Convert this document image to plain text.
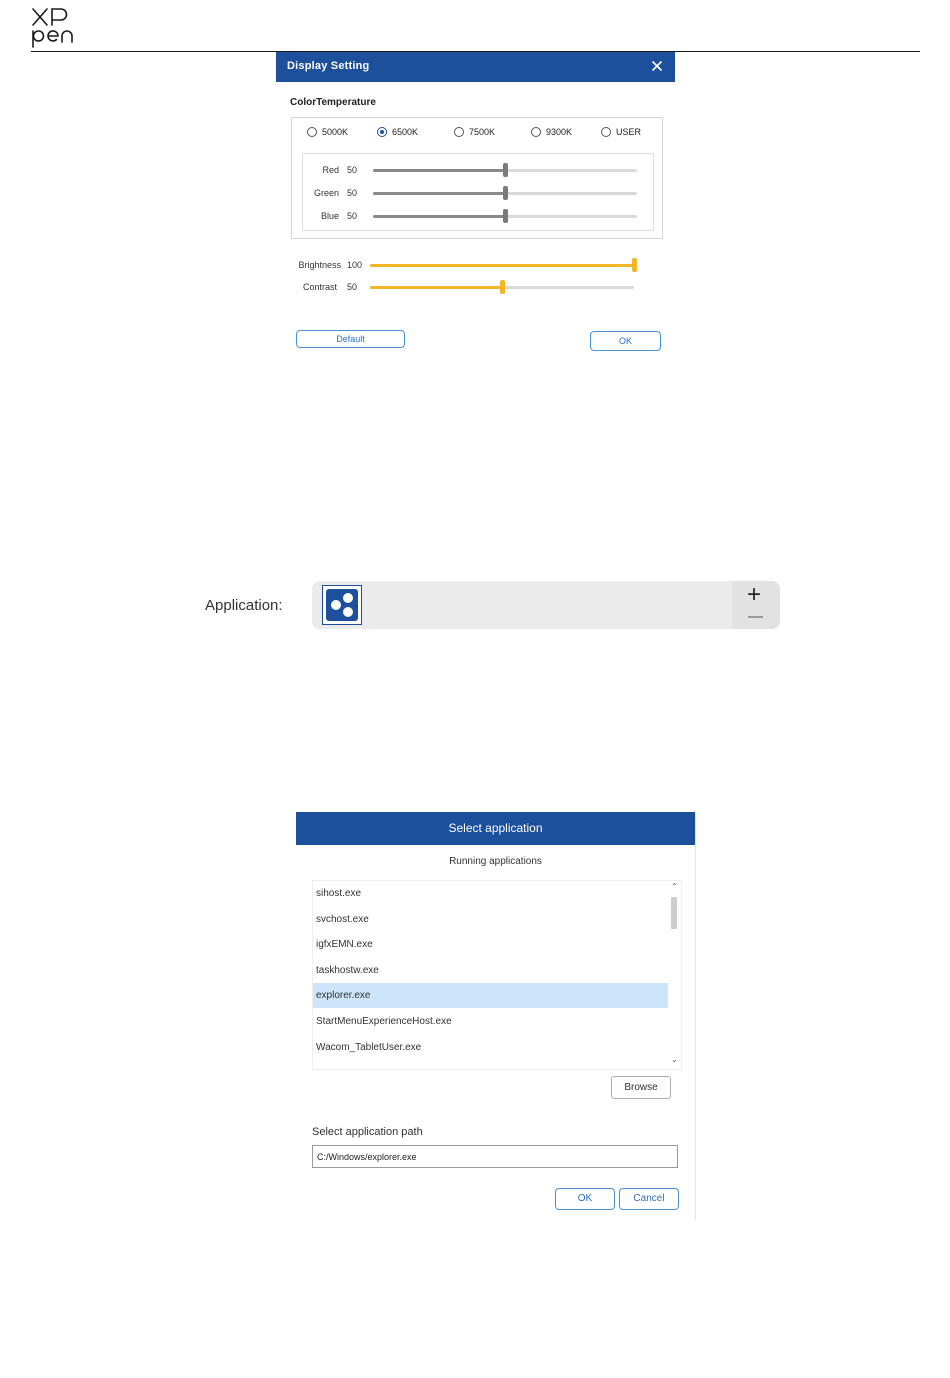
Display Setting
ColorTemperature
5000K	6500K	7500K	9300K	USER
Red 50
Green 50
Blue 50
Brightness 100
Contrast 50
Default	OK
Application:	+
Select application
Running applications
sihost.exe
svchost.exe
igfxEMN.exe
taskhostw.exe
explorer.exe
StartMenuExperienceHost.exe
Wacom_TabletUser.exe
⌃
⌄
Browse
Select application path
C:/Windows/explorer.exe
OK	Cancel
